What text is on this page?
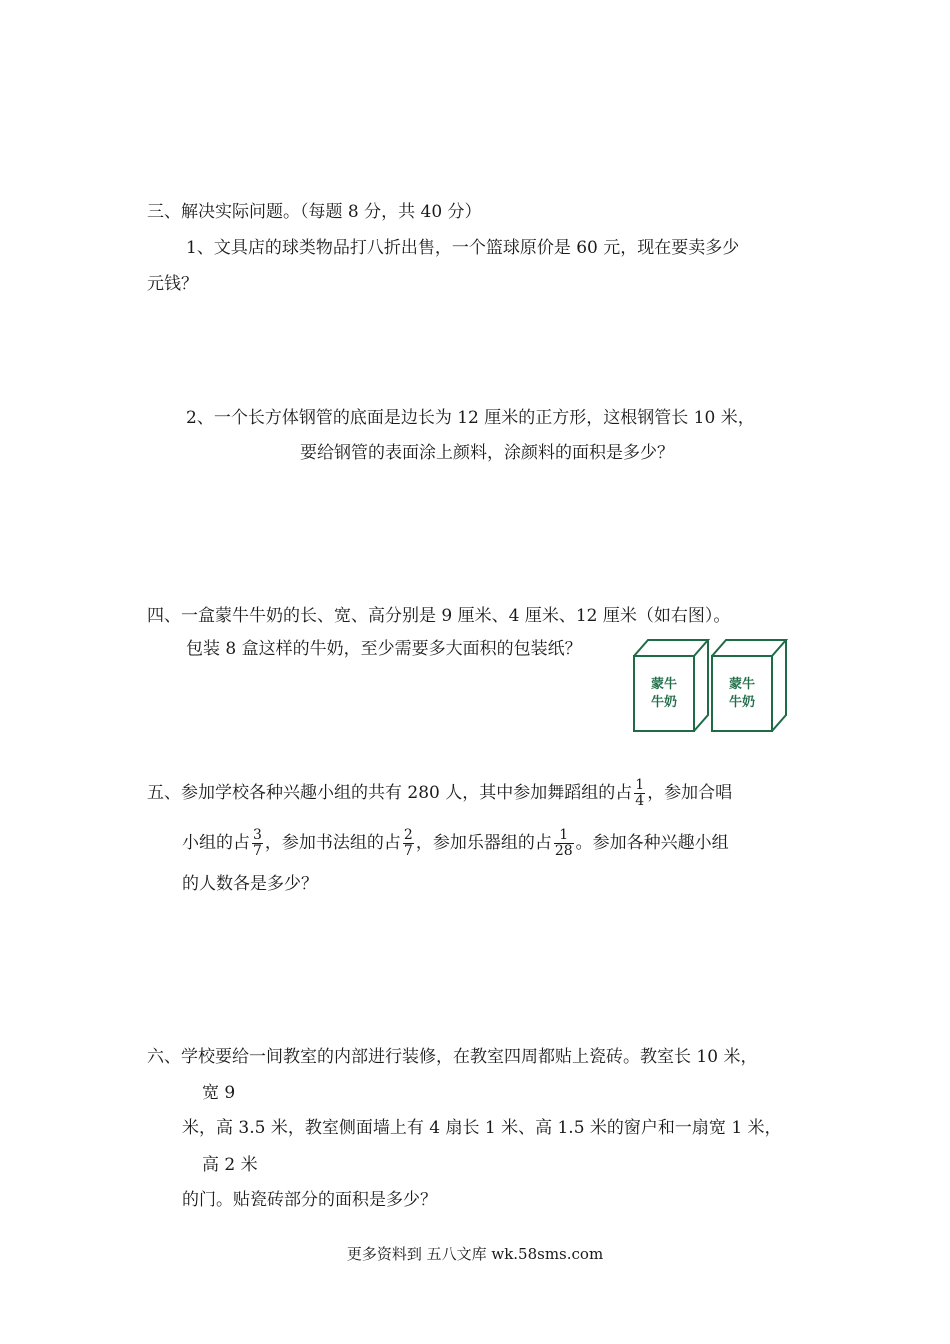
三、解决实际问题。（每题 8 分，共 40 分）
1、文具店的球类物品打八折出售，一个篮球原价是 60 元，现在要卖多少
元钱？
2、一个长方体钢管的底面是边长为 12 厘米的正方形，这根钢管长 10 米，
要给钢管的表面涂上颜料，涂颜料的面积是多少？
四、一盒蒙牛牛奶的长、宽、高分别是 9 厘米、4 厘米、12 厘米（如右图）。
包装 8 盒这样的牛奶，至少需要多大面积的包装纸？
蒙牛
牛奶
蒙牛
牛奶
五、参加学校各种兴趣小组的共有 280 人，其中参加舞蹈组的占 $\frac{1}{4}$ ，参加合唱
小组的占 $\frac{3}{7}$ ，参加书法组的占 $\frac{2}{7}$ ，参加乐器组的占 $\frac{1}{28}$ 。参加各种兴趣小组
的人数各是多少？
六、学校要给一间教室的内部进行装修，在教室四周都贴上瓷砖。教室长 10 米，
宽 9
米，高 3.5 米，教室侧面墙上有 4 扇长 1 米、高 1.5 米的窗户和一扇宽 1 米，
高 2 米
的门。贴瓷砖部分的面积是多少？
更多资料到 五八文库 wk.58sms.com
